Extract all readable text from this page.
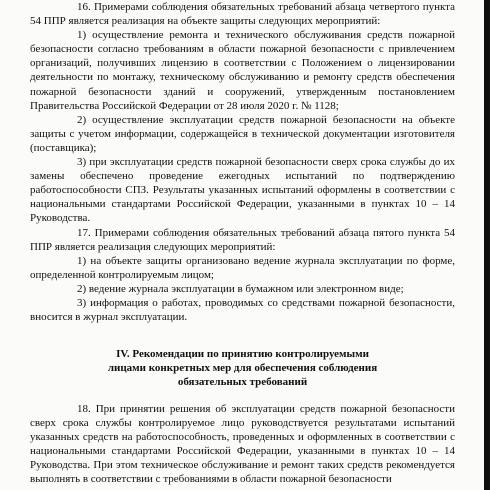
16. Примерами соблюдения обязательных требований абзаца четвертого пункта 54 ППР является реализация на объекте защиты следующих мероприятий:

1) осуществление ремонта и технического обслуживания средств пожарной безопасности согласно требованиям в области пожарной безопасности с привлечением организаций, получивших лицензию в соответствии с Положением о лицензировании деятельности по монтажу, техническому обслуживанию и ремонту средств обеспечения пожарной безопасности зданий и сооружений, утвержденным постановлением Правительства Российской Федерации от 28 июля 2020 г. № 1128;

2) осуществление эксплуатации средств пожарной безопасности на объекте защиты с учетом информации, содержащейся в технической документации изготовителя (поставщика);

3) при эксплуатации средств пожарной безопасности сверх срока службы до их замены обеспечено проведение ежегодных испытаний по подтверждению работоспособности СПЗ. Результаты указанных испытаний оформлены в соответствии с национальными стандартами Российской Федерации, указанными в пунктах 10 – 14 Руководства.

17. Примерами соблюдения обязательных требований абзаца пятого пункта 54 ППР является реализация следующих мероприятий:

1) на объекте защиты организовано ведение журнала эксплуатации по форме, определенной контролируемым лицом;

2) ведение журнала эксплуатации в бумажном или электронном виде;

3) информация о работах, проводимых со средствами пожарной безопасности, вносится в журнал эксплуатации.

IV. Рекомендации по принятию контролируемыми
лицами конкретных мер для обеспечения соблюдения
обязательных требований

18. При принятии решения об эксплуатации средств пожарной безопасности сверх срока службы контролируемое лицо руководствуется результатами испытаний указанных средств на работоспособность, проведенных и оформленных в соответствии с национальными стандартами Российской Федерации, указанными в пунктах 10 – 14 Руководства. При этом техническое обслуживание и ремонт таких средств рекомендуется выполнять в соответствии с требованиями в области пожарной безопасности
